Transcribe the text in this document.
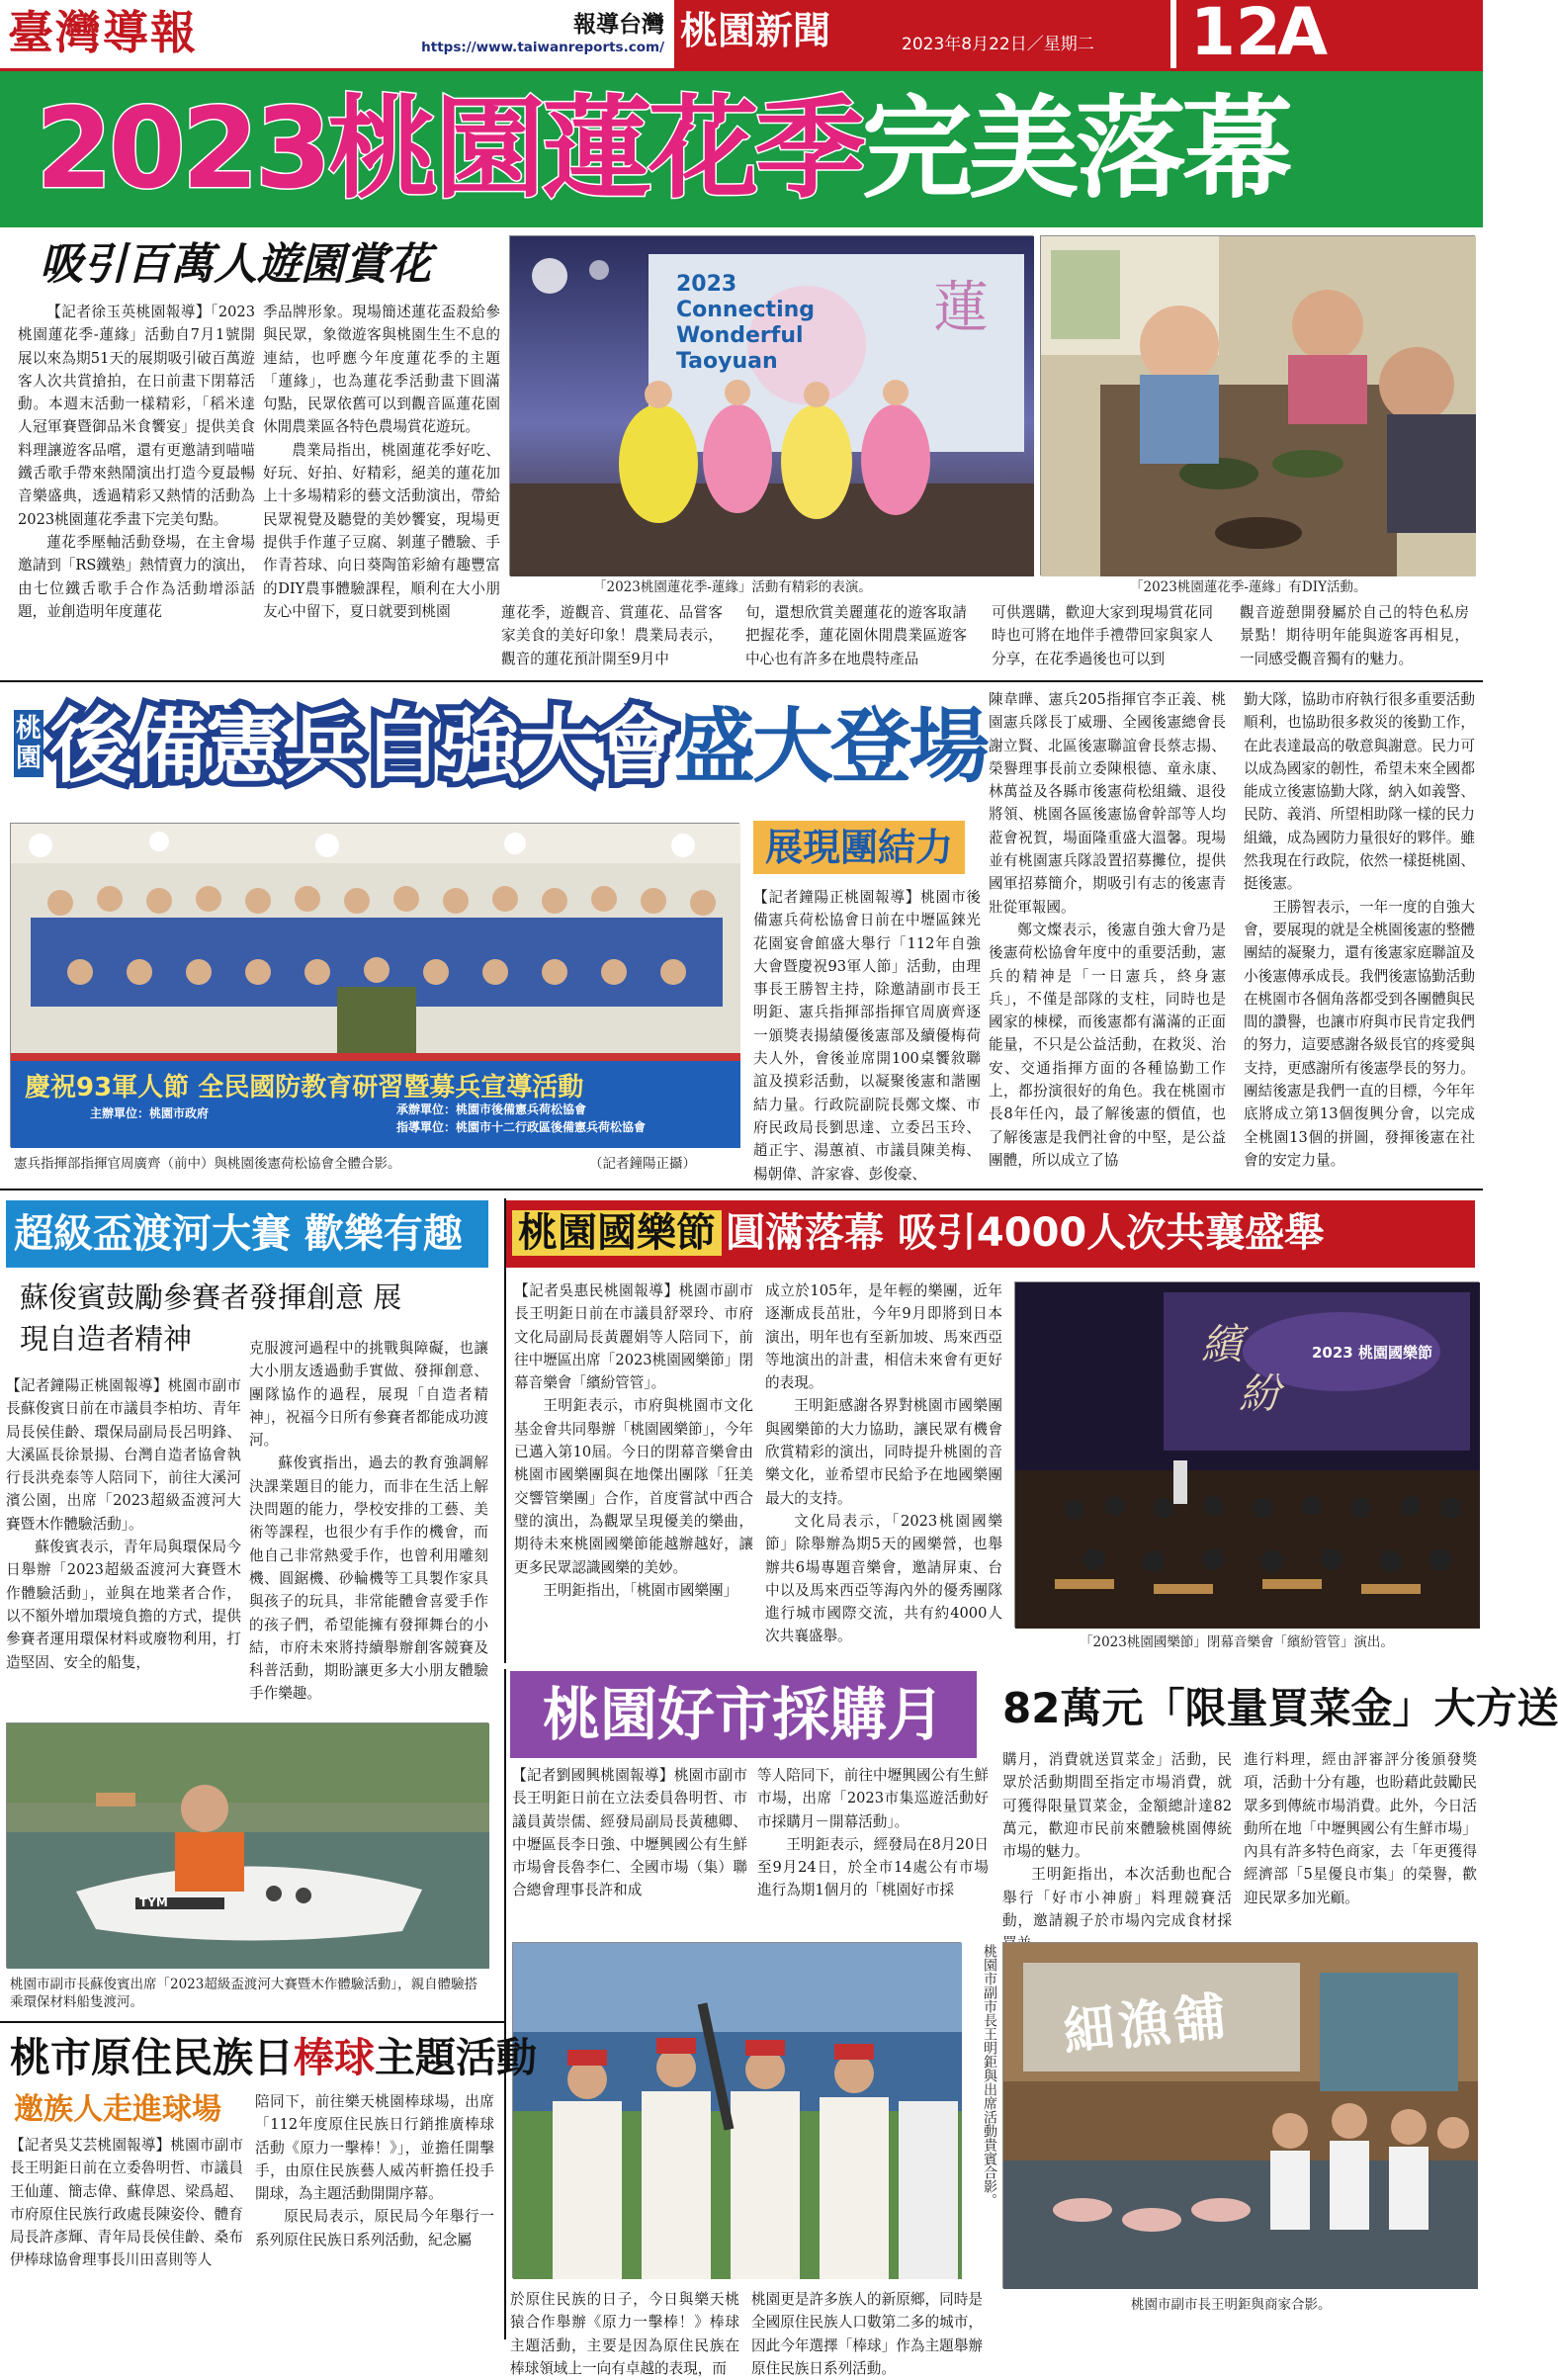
臺灣導報	報導台灣
https://www.taiwanreports.com/ 桃園新聞	2023年8月22日／星期二 12
A
2023桃園蓮花季完美落幕
吸引百萬人遊園賞花

【記者徐玉英桃園報導】「2023桃園蓮花季-蓮緣」活動自7月1號開展以來為期51天的展期吸引破百萬遊客人次共賞搶拍，在日前畫下閉幕活動。本週末活動一樣精彩，「稻米達人冠軍賽暨御品米食饗宴」提供美食料理讓遊客品嚐，還有更邀請到喵喵鐵舌歌手帶來熱鬧演出打造今夏最暢音樂盛典，透過精彩又熱情的活動為2023桃園蓮花季畫下完美句點。

蓮花季壓軸活動登場，在主會場邀請到「RS鐵塾」熱情賣力的演出，由七位鐵舌歌手合作為活動增添話題，並創造明年度蓮花

季品牌形象。現場簡述蓮花盃殺給參與民眾，象徵遊客與桃園生生不息的連結，也呼應今年度蓮花季的主題「蓮緣」，也為蓮花季活動畫下圓滿句點，民眾依舊可以到觀音區蓮花園休閒農業區各特色農場賞花遊玩。

農業局指出，桃園蓮花季好吃、好玩、好拍、好精彩，絕美的蓮花加上十多場精彩的藝文活動演出，帶給民眾視覺及聽覺的美妙饗宴，現場更提供手作蓮子豆腐、剝蓮子體驗、手作青苔球、向日葵陶笛彩繪有趣豐富的DIY農事體驗課程，順利在大小朋友心中留下，夏日就要到桃園

2023 Connecting Wonderful Taoyuan
蓮
「2023桃園蓮花季-蓮緣」活動有精彩的表演。	「2023桃園蓮花季-蓮緣」有DIY活動。

蓮花季，遊觀音、賞蓮花、品嘗客家美食的美好印象！農業局表示，觀音的蓮花預計開至9月中

旬，還想欣賞美麗蓮花的遊客取請把握花季，蓮花園休閒農業區遊客中心也有許多在地農特產品

可供選購，歡迎大家到現場賞花同時也可將在地伴手禮帶回家與家人分享，在花季過後也可以到

觀音遊憩開發屬於自己的特色私房景點！期待明年能與遊客再相見，一同感受觀音獨有的魅力。

桃園 後備憲兵自強大會盛大登場
展現團結力
慶祝93軍人節 全民國防教育研習暨募兵宣導活動
主辦單位：桃園市政府	承辦單位：桃園市後備憲兵荷松協會
指導單位：桃園市十二行政區後備憲兵荷松協會
憲兵指揮部指揮官周廣齊（前中）與桃園後憲荷松協會全體合影。	（記者鐘陽正攝）

【記者鐘陽正桃園報導】桃園市後備憲兵荷松協會日前在中壢區錸光花園宴會館盛大舉行「112年自強大會暨慶祝93軍人節」活動，由理事長王勝智主持，除邀請副市長王明鉅、憲兵指揮部指揮官周廣齊逐一頒獎表揚績優後憲部及續優梅荷夫人外，會後並席開100桌饗敘聯誼及摸彩活動，以凝聚後憲和諧團結力量。行政院副院長鄭文燦、市府民政局長劉思達、立委呂玉玲、趙正宇、湯蕙禎、市議員陳美梅、楊朝偉、許家睿、彭俊豪、

陳韋曄、憲兵205指揮官李正義、桃園憲兵隊長丁威珊、全國後憲總會長謝立賢、北區後憲聯誼會長蔡志揚、榮譽理事長前立委陳根德、童永康、林萬益及各縣市後憲荷松組織、退役將領、桃園各區後憲協會幹部等人均蒞會祝賀，場面隆重盛大溫馨。現場並有桃園憲兵隊設置招募攤位，提供國軍招募簡介，期吸引有志的後憲青壯從軍報國。

鄭文燦表示，後憲自強大會乃是後憲荷松協會年度中的重要活動，憲兵的精神是「一日憲兵，終身憲兵」，不僅是部隊的支柱，同時也是國家的棟樑，而後憲都有滿滿的正面能量，不只是公益活動，在救災、治安、交通指揮方面的各種協勤工作上，都扮演很好的角色。我在桃園市長8年任內，最了解後憲的價值，也了解後憲是我們社會的中堅，是公益團體，所以成立了協

勤大隊，協助市府執行很多重要活動順利，也協助很多救災的後勤工作，在此表達最高的敬意與謝意。民力可以成為國家的韌性，希望未來全國都能成立後憲協勤大隊，納入如義警、民防、義消、所望相助隊一樣的民力組織，成為國防力量很好的夥伴。雖然我現在行政院，依然一樣挺桃園、挺後憲。

王勝智表示，一年一度的自強大會，要展現的就是全桃園後憲的整體團結的凝聚力，還有後憲家庭聯誼及小後憲傳承成長。我們後憲協勤活動在桃園市各個角落都受到各團體與民間的讚譽，也讓市府與市民肯定我們的努力，這要感謝各級長官的疼愛與支持，更感謝所有後憲學長的努力。團結後憲是我們一直的目標，今年年底將成立第13個復興分會，以完成全桃園13個的拼圖，發揮後憲在社會的安定力量。

超級盃渡河大賽 歡樂有趣
蘇俊賓鼓勵參賽者發揮創意 展
現自造者精神

【記者鐘陽正桃園報導】桃園市副市長蘇俊賓日前在市議員李柏坊、青年局長侯佳齡、環保局副局長呂明鋒、大溪區長徐景揚、台灣自造者協會執行長洪堯泰等人陪同下，前往大溪河濱公園，出席「2023超級盃渡河大賽暨木作體驗活動」。

蘇俊賓表示，青年局與環保局今日舉辦「2023超級盃渡河大賽暨木作體驗活動」，並與在地業者合作，以不額外增加環境負擔的方式，提供參賽者運用環保材料或廢物利用，打造堅固、安全的船隻，

克服渡河過程中的挑戰與障礙，也讓大小朋友透過動手實做、發揮創意、團隊協作的過程，展現「自造者精神」，祝福今日所有參賽者都能成功渡河。

蘇俊賓指出，過去的教育強調解決課業題目的能力，而非在生活上解決問題的能力，學校安排的工藝、美術等課程，也很少有手作的機會，而他自己非常熱愛手作，也曾利用雕刻機、圓鋸機、砂輪機等工具製作家具與孩子的玩具，非常能體會喜愛手作的孩子們，希望能擁有發揮舞台的小結，市府未來將持續舉辦創客競賽及科普活動，期盼讓更多大小朋友體驗手作樂趣。

TYM
桃園市副市長蘇俊賓出席「2023超級盃渡河大賽暨木作體驗活動」，親自體驗搭乘環保材料船隻渡河。
桃園國樂節 圓滿落幕 吸引4000人次共襄盛舉

【記者吳惠民桃園報導】桃園市副市長王明鉅日前在市議員舒翠玲、市府文化局副局長黃麗娟等人陪同下，前往中壢區出席「2023桃園國樂節」閉幕音樂會「繽紛管管」。

王明鉅表示，市府與桃園市文化基金會共同舉辦「桃園國樂節」，今年已邁入第10屆。今日的閉幕音樂會由桃園市國樂團與在地傑出團隊「狂美交響管樂團」合作，首度嘗試中西合璧的演出，為觀眾呈現優美的樂曲，期待未來桃園國樂節能越辦越好，讓更多民眾認識國樂的美妙。

王明鉅指出，「桃園市國樂團」

成立於105年，是年輕的樂團，近年逐漸成長茁壯，今年9月即將到日本演出，明年也有至新加坡、馬來西亞等地演出的計畫，相信未來會有更好的表現。

王明鉅感謝各界對桃園市國樂團與國樂節的大力協助，讓民眾有機會欣賞精彩的演出，同時提升桃園的音樂文化，並希望市民給予在地國樂團最大的支持。

文化局表示，「2023桃園國樂節」除舉辦為期5天的國樂營，也舉辦共6場專題音樂會，邀請屏東、台中以及馬來西亞等海內外的優秀團隊進行城市國際交流，共有約4000人次共襄盛舉。

繽
紛
2023 桃園國樂節
「2023桃園國樂節」閉幕音樂會「繽紛管管」演出。
桃園好市採購月	82萬元「限量買菜金」大方送

【記者劉國興桃園報導】桃園市副市長王明鉅日前在立法委員魯明哲、市議員黃崇儒、經發局副局長黃穗卿、中壢區長李日強、中壢興國公有生鮮市場會長魯李仁、全國市場（集）聯合總會理事長許和成

等人陪同下，前往中壢興國公有生鮮市場，出席「2023市集巡遊活動好市採購月－開幕活動」。

王明鉅表示，經發局在8月20日至9月24日，於全市14處公有市場進行為期1個月的「桃園好市採

購月，消費就送買菜金」活動，民眾於活動期間至指定市場消費，就可獲得限量買菜金，金額總計達82萬元，歡迎市民前來體驗桃園傳統市場的魅力。

王明鉅指出，本次活動也配合舉行「好市小神廚」料理競賽活動，邀請親子於市場內完成食材採

進行料理，經由評審評分後頒發獎項，活動十分有趣，也盼藉此鼓勵民眾多到傳統市場消費。此外，今日活動所在地「中壢興國公有生鮮市場」內具有許多特色商家，去「年更獲得經濟部「5星優良市集」的榮譽，歡迎民眾多加光顧。

桃園市副市長王明鉅與出席活動貴賓合影。 細漁舖
桃園市副市長王明鉅與商家合影。
桃市原住民族日棒球主題活動
邀族人走進球場

【記者吳艾芸桃園報導】桃園市副市長王明鉅日前在立委魯明哲、市議員王仙蓮、簡志偉、蘇偉恩、梁爲超、市府原住民族行政處長陳姿伶、體育局長許彥輝、青年局長侯佳齡、桑布伊棒球協會理事長川田喜則等人

陪同下，前往樂天桃園棒球場，出席「112年度原住民族日行銷推廣棒球活動《原力一擊棒！》」，並擔任開擊手，由原住民族藝人威芮軒擔任投手開球，為主題活動開開序幕。

原民局表示，原民局今年舉行一系列原住民族日系列活動，紀念屬

於原住民族的日子，今日與樂天桃猿合作舉辦《原力一擊棒！》棒球主題活動，主要是因為原住民族在棒球領域上一向有卓越的表現，而

桃園更是許多族人的新原鄉，同時是全國原住民族人口數第二多的城市，因此今年選擇「棒球」作為主題舉辦原住民族日系列活動。
